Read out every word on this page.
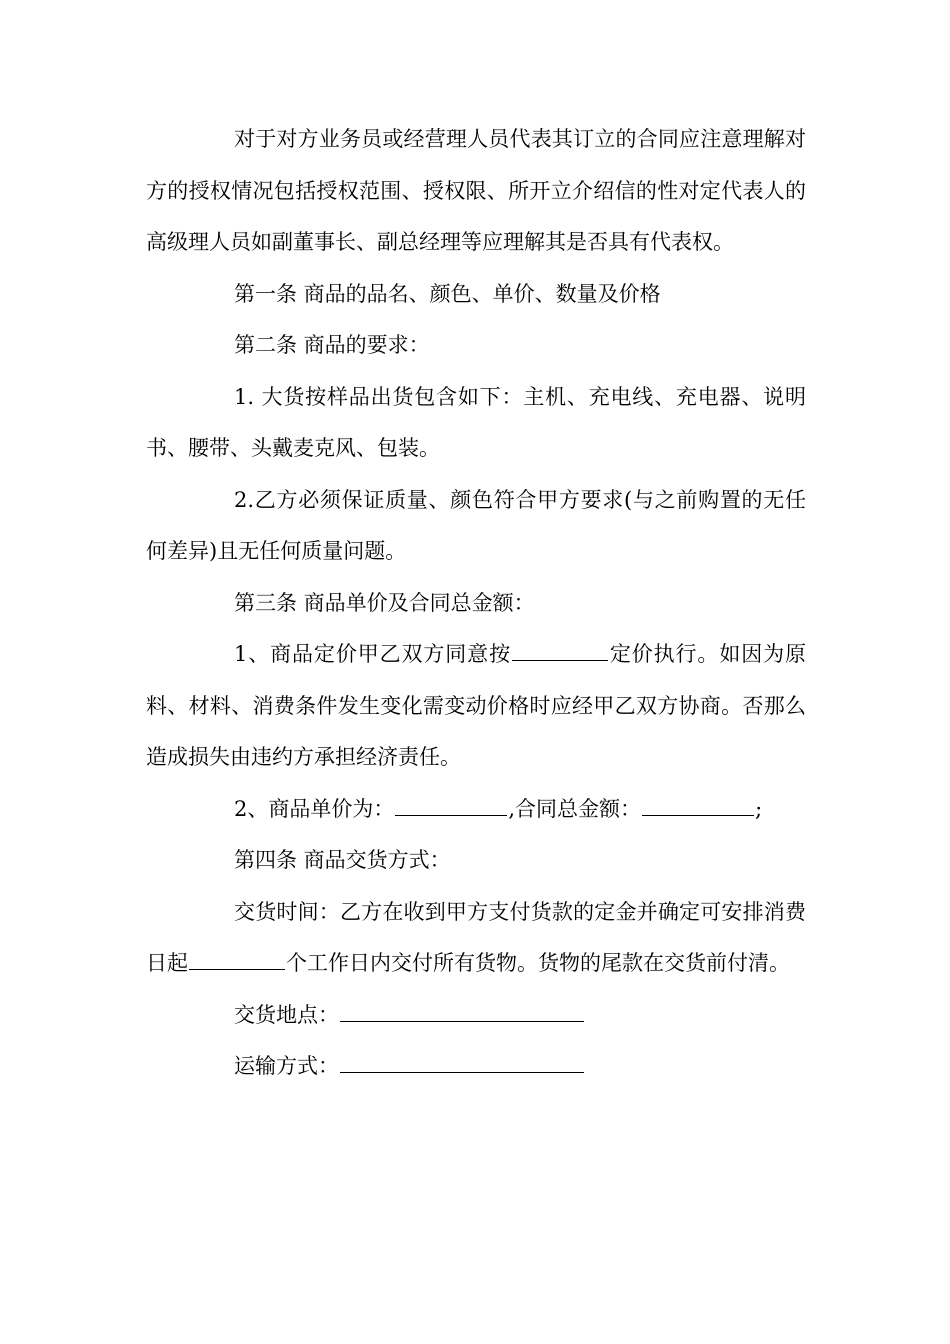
对于对方业务员或经营理人员代表其订立的合同应注意理解对方的授权情况包括授权范围、授权限、所开立介绍信的性对定代表人的高级理人员如副董事长、副总经理等应理解其是否具有代表权。

第一条 商品的品名、颜色、单价、数量及价格

第二条 商品的要求：

1. 大货按样品出货包含如下：主机、充电线、充电器、说明书、腰带、头戴麦克风、包装。

2.乙方必须保证质量、颜色符合甲方要求(与之前购置的无任何差异)且无任何质量问题。

第三条 商品单价及合同总金额：

1、商品定价甲乙双方同意按	定价执行。如因为原料、材料、消费条件发生变化需变动价格时应经甲乙双方协商。否那么造成损失由违约方承担经济责任。

2、商品单价为：	,合同总金额：	;

第四条 商品交货方式：

交货时间：乙方在收到甲方支付货款的定金并确定可安排消费日起	个工作日内交付所有货物。货物的尾款在交货前付清。

交货地点：

运输方式：
